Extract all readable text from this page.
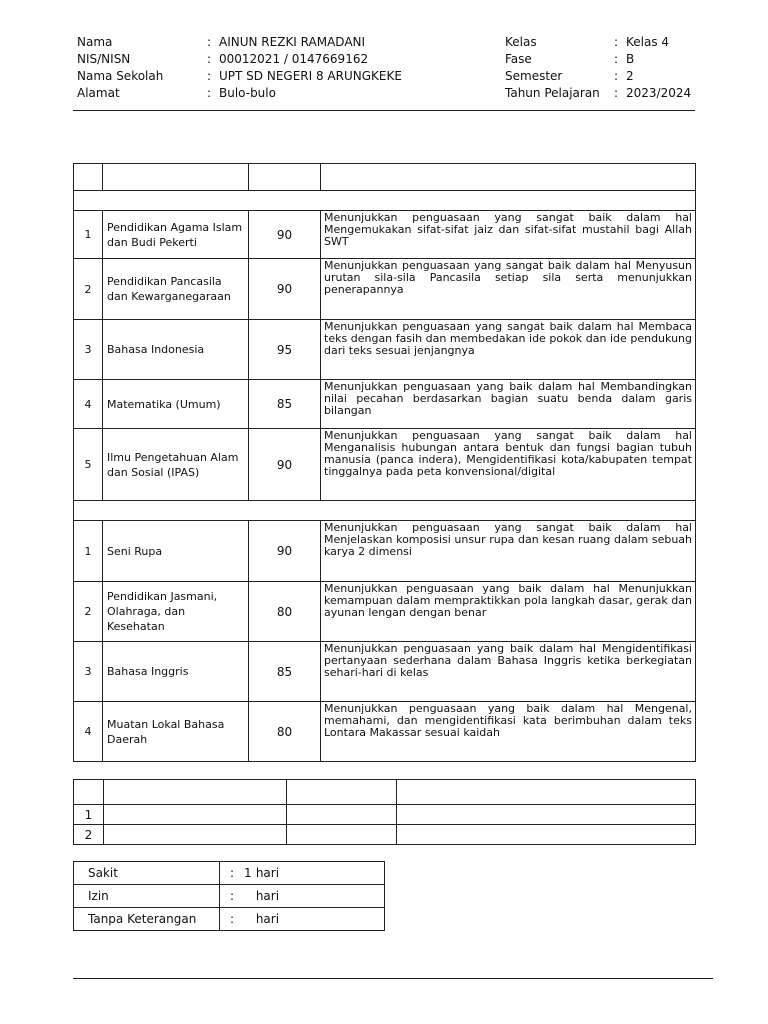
Nama	: AINUN REZKI RAMADANI
NIS/NISN	: 00012021 / 0147669162
Nama Sekolah	: UPT SD NEGERI 8 ARUNGKEKE
Alamat	: Bulo-bulo
Kelas	: Kelas 4
Fase	: B
Semester	: 2
Tahun Pelajaran	: 2023/2024

1	Pendidikan Agama Islam dan Budi Pekerti	90	Menunjukkan penguasaan yang sangat baik dalam hal Mengemukakan sifat-sifat jaiz dan sifat-sifat mustahil bagi Allah SWT
2	Pendidikan Pancasila dan Kewarganegaraan	90	Menunjukkan penguasaan yang sangat baik dalam hal Menyusun urutan sila-sila Pancasila setiap sila serta menunjukkan penerapannya
3	Bahasa Indonesia	95	Menunjukkan penguasaan yang sangat baik dalam hal Membaca teks dengan fasih dan membedakan ide pokok dan ide pendukung dari teks sesuai jenjangnya
4	Matematika (Umum)	85	Menunjukkan penguasaan yang baik dalam hal Membandingkan nilai pecahan berdasarkan bagian suatu benda dalam garis bilangan
5	Ilmu Pengetahuan Alam dan Sosial (IPAS)	90	Menunjukkan penguasaan yang sangat baik dalam hal Menganalisis hubungan antara bentuk dan fungsi bagian tubuh manusia (panca indera), Mengidentifikasi kota/kabupaten tempat tinggalnya pada peta konvensional/digital

1	Seni Rupa	90	Menunjukkan penguasaan yang sangat baik dalam hal Menjelaskan komposisi unsur rupa dan kesan ruang dalam sebuah karya 2 dimensi
2	Pendidikan Jasmani, Olahraga, dan Kesehatan	80	Menunjukkan penguasaan yang baik dalam hal Menunjukkan kemampuan dalam mempraktikkan pola langkah dasar, gerak dan ayunan lengan dengan benar
3	Bahasa Inggris	85	Menunjukkan penguasaan yang baik dalam hal Mengidentifikasi pertanyaan sederhana dalam Bahasa Inggris ketika berkegiatan sehari-hari di kelas
4	Muatan Lokal Bahasa Daerah	80	Menunjukkan penguasaan yang baik dalam hal Mengenal, memahami, dan mengidentifikasi kata berimbuhan dalam teks Lontara Makassar sesuai kaidah

1			
2			
Sakit	: 1 hari
Izin	: hari
Tanpa Keterangan	: hari
